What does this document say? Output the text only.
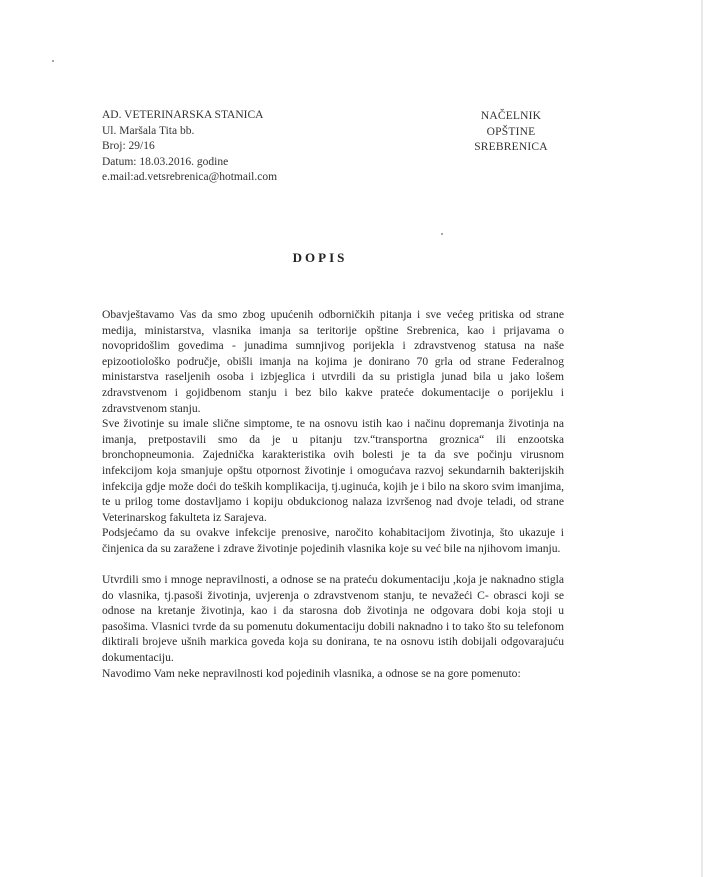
AD. VETERINARSKA STANICA
Ul. Maršala Tita bb.
Broj: 29/16
Datum: 18.03.2016. godine
e.mail:ad.vetsrebrenica@hotmail.com
NAČELNIK OPŠTINE
SREBRENICA
DOPIS

Obavještavamo Vas da smo zbog upućenih odborničkih pitanja i sve većeg pritiska od strane medija, ministarstva, vlasnika imanja sa teritorije opštine Srebrenica, kao i prijavama o novopridošlim govedima - junadima sumnjivog porijekla i zdravstvenog statusa na naše epizootiološko područje, obišli imanja na kojima je donirano 70 grla od strane Federalnog ministarstva raseljenih osoba i izbjeglica i utvrdili da su pristigla junad bila u jako lošem zdravstvenom i gojidbenom stanju i bez bilo kakve prateće dokumentacije o porijeklu i zdravstvenom stanju.

Sve životinje su imale slične simptome, te na osnovu istih kao i načinu dopremanja životinja na imanja, pretpostavili smo da je u pitanju tzv.“transportna groznica“ ili enzootska bronchopneumonia. Zajednička karakteristika ovih bolesti je ta da sve počinju virusnom infekcijom koja smanjuje opštu otpornost životinje i omogućava razvoj sekundarnih bakterijskih infekcija gdje može doći do teških komplikacija, tj.uginuća, kojih je i bilo na skoro svim imanjima, te u prilog tome dostavljamo i kopiju obdukcionog nalaza izvršenog nad dvoje teladi, od strane Veterinarskog fakulteta iz Sarajeva.

Podsjećamo da su ovakve infekcije prenosive, naročito kohabitacijom životinja, što ukazuje i činjenica da su zaražene i zdrave životinje pojedinih vlasnika koje su već bile na njihovom imanju.

Utvrdili smo i mnoge nepravilnosti, a odnose se na prateću dokumentaciju ,koja je naknadno stigla do vlasnika, tj.pasoši životinja, uvjerenja o zdravstvenom stanju, te nevažeći C- obrasci koji se odnose na kretanje životinja, kao i da starosna dob životinja ne odgovara dobi koja stoji u pasošima. Vlasnici tvrde da su pomenutu dokumentaciju dobili naknadno i to tako što su telefonom diktirali brojeve ušnih markica goveda koja su donirana, te na osnovu istih dobijali odgovarajuću dokumentaciju.

Navodimo Vam neke nepravilnosti kod pojedinih vlasnika, a odnose se na gore pomenuto:
